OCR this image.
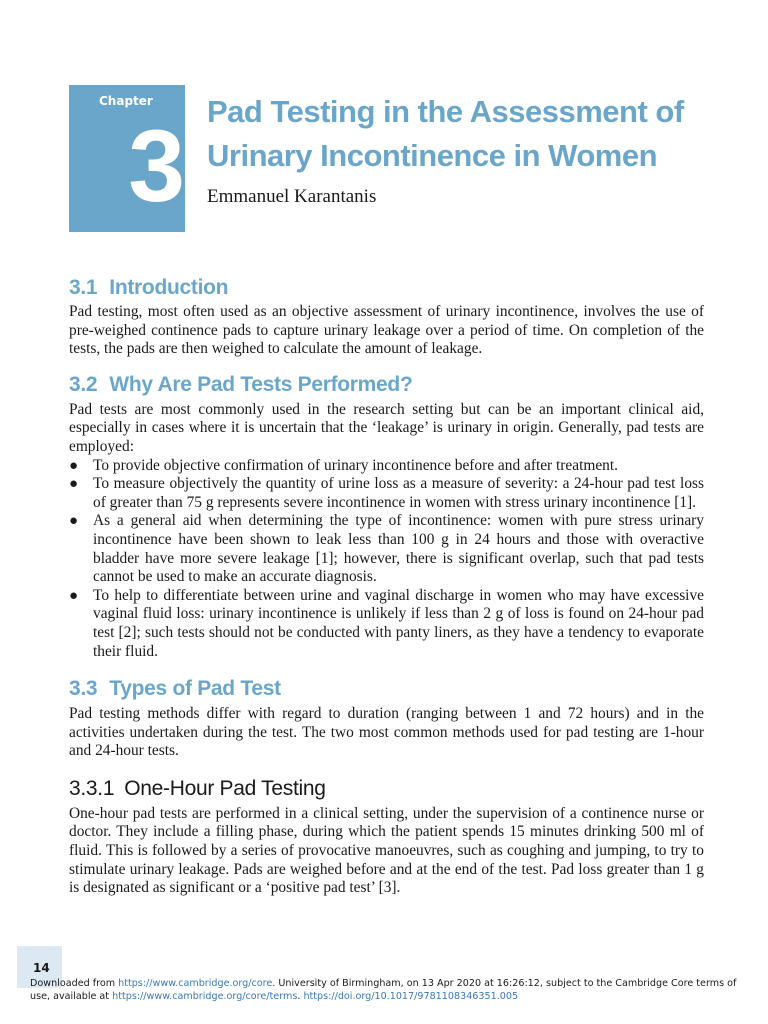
Chapter
3 Pad Testing in the Assessment of Urinary Incontinence in Women
Emmanuel Karantanis
3.1 Introduction

Pad testing, most often used as an objective assessment of urinary incontinence, involves the use of pre-weighed continence pads to capture urinary leakage over a period of time. On completion of the tests, the pads are then weighed to calculate the amount of leakage.

3.2 Why Are Pad Tests Performed?

Pad tests are most commonly used in the research setting but can be an important clinical aid, especially in cases where it is uncertain that the ‘leakage’ is urinary in origin. Generally, pad tests are employed:

● To provide objective confirmation of urinary incontinence before and after treatment.
● To measure objectively the quantity of urine loss as a measure of severity: a 24-hour pad test loss of greater than 75 g represents severe incontinence in women with stress urinary incontinence [1].
● As a general aid when determining the type of incontinence: women with pure stress urinary incontinence have been shown to leak less than 100 g in 24 hours and those with overactive bladder have more severe leakage [1]; however, there is significant overlap, such that pad tests cannot be used to make an accurate diagnosis.
● To help to differentiate between urine and vaginal discharge in women who may have excessive vaginal fluid loss: urinary incontinence is unlikely if less than 2 g of loss is found on 24-hour pad test [2]; such tests should not be conducted with panty liners, as they have a tendency to evaporate their fluid.
3.3 Types of Pad Test

Pad testing methods differ with regard to duration (ranging between 1 and 72 hours) and in the activities undertaken during the test. The two most common methods used for pad testing are 1-hour and 24-hour tests.

3.3.1 One-Hour Pad Testing

One-hour pad tests are performed in a clinical setting, under the supervision of a continence nurse or doctor. They include a filling phase, during which the patient spends 15 minutes drinking 500 ml of fluid. This is followed by a series of provocative manoeuvres, such as coughing and jumping, to try to stimulate urinary leakage. Pads are weighed before and at the end of the test. Pad loss greater than 1 g is designated as significant or a ‘positive pad test’ [3].

14
Downloaded from https://www.cambridge.org/core. University of Birmingham, on 13 Apr 2020 at 16:26:12, subject to the Cambridge Core terms of use, available at https://www.cambridge.org/core/terms. https://doi.org/10.1017/9781108346351.005
